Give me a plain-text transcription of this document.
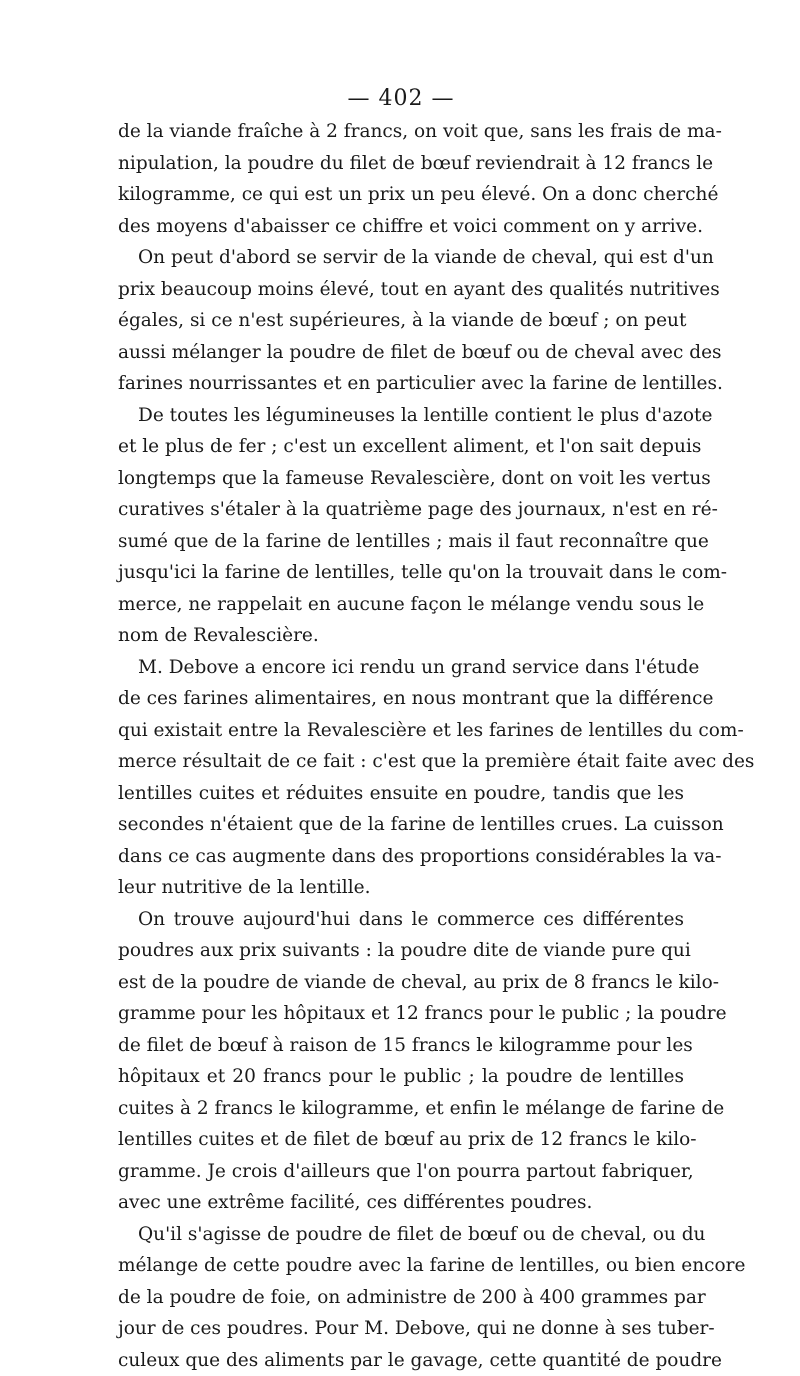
— 402 —
de la viande fraîche à 2 francs, on voit que, sans les frais de ma-
nipulation, la poudre du filet de bœuf reviendrait à 12 francs le
kilogramme, ce qui est un prix un peu élevé. On a donc cherché
des moyens d'abaisser ce chiffre et voici comment on y arrive.
On peut d'abord se servir de la viande de cheval, qui est d'un
prix beaucoup moins élevé, tout en ayant des qualités nutritives
égales, si ce n'est supérieures, à la viande de bœuf ; on peut
aussi mélanger la poudre de filet de bœuf ou de cheval avec des
farines nourrissantes et en particulier avec la farine de lentilles.
De toutes les légumineuses la lentille contient le plus d'azote
et le plus de fer ; c'est un excellent aliment, et l'on sait depuis
longtemps que la fameuse Revalescière, dont on voit les vertus
curatives s'étaler à la quatrième page des journaux, n'est en ré-
sumé que de la farine de lentilles ; mais il faut reconnaître que
jusqu'ici la farine de lentilles, telle qu'on la trouvait dans le com-
merce, ne rappelait en aucune façon le mélange vendu sous le
nom de Revalescière.
M. Debove a encore ici rendu un grand service dans l'étude
de ces farines alimentaires, en nous montrant que la différence
qui existait entre la Revalescière et les farines de lentilles du com-
merce résultait de ce fait : c'est que la première était faite avec des
lentilles cuites et réduites ensuite en poudre, tandis que les
secondes n'étaient que de la farine de lentilles crues. La cuisson
dans ce cas augmente dans des proportions considérables la va-
leur nutritive de la lentille.
On trouve aujourd'hui dans le commerce ces différentes
poudres aux prix suivants : la poudre dite de viande pure qui
est de la poudre de viande de cheval, au prix de 8 francs le kilo-
gramme pour les hôpitaux et 12 francs pour le public ; la poudre
de filet de bœuf à raison de 15 francs le kilogramme pour les
hôpitaux et 20 francs pour le public ; la poudre de lentilles
cuites à 2 francs le kilogramme, et enfin le mélange de farine de
lentilles cuites et de filet de bœuf au prix de 12 francs le kilo-
gramme. Je crois d'ailleurs que l'on pourra partout fabriquer,
avec une extrême facilité, ces différentes poudres.
Qu'il s'agisse de poudre de filet de bœuf ou de cheval, ou du
mélange de cette poudre avec la farine de lentilles, ou bien encore
de la poudre de foie, on administre de 200 à 400 grammes par
jour de ces poudres. Pour M. Debove, qui ne donne à ses tuber-
culeux que des aliments par le gavage, cette quantité de poudre
